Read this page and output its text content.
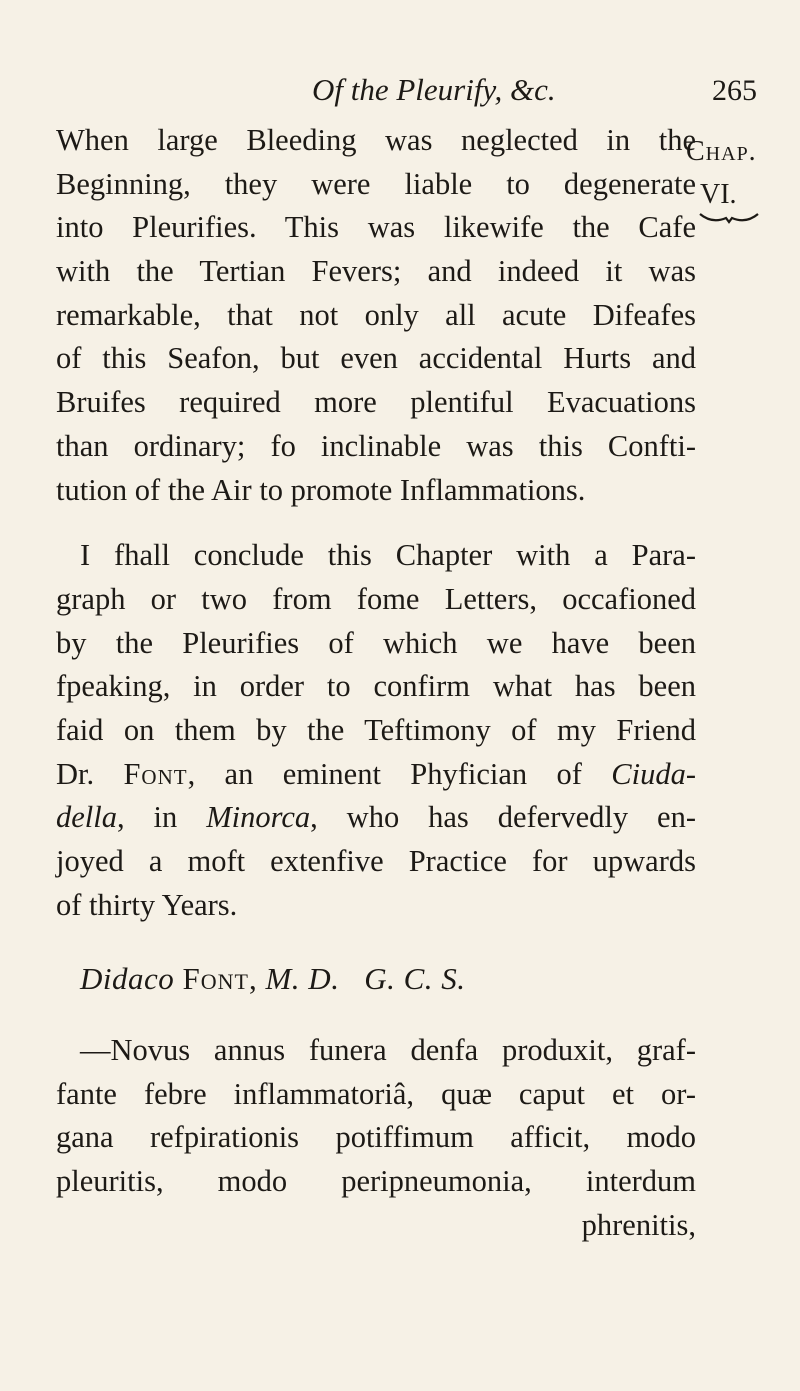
Of the Pleurify, &c.	265
Chap.
VI.
When large Bleeding was neglected in the
Beginning, they were liable to degenerate
into Pleurifies. This was likewife the Cafe
with the Tertian Fevers; and indeed it was
remarkable, that not only all acute Difeafes
of this Seafon, but even accidental Hurts and
Bruifes required more plentiful Evacuations
than ordinary; fo inclinable was this Confti-
tution of the Air to promote Inflammations.
I fhall conclude this Chapter with a Para-
graph or two from fome Letters, occafioned
by the Pleurifies of which we have been
fpeaking, in order to confirm what has been
faid on them by the Teftimony of my Friend
Dr. Font, an eminent Phyfician of Ciuda-
della, in Minorca, who has defervedly en-
joyed a moft extenfive Practice for upwards
of thirty Years.
Didaco Font, M. D.   G. C. S.
—Novus annus funera denfa produxit, graf-
fante febre inflammatoriâ, quæ caput et or-
gana refpirationis potiffimum afficit, modo
pleuritis, modo peripneumonia, interdum
phrenitis,
